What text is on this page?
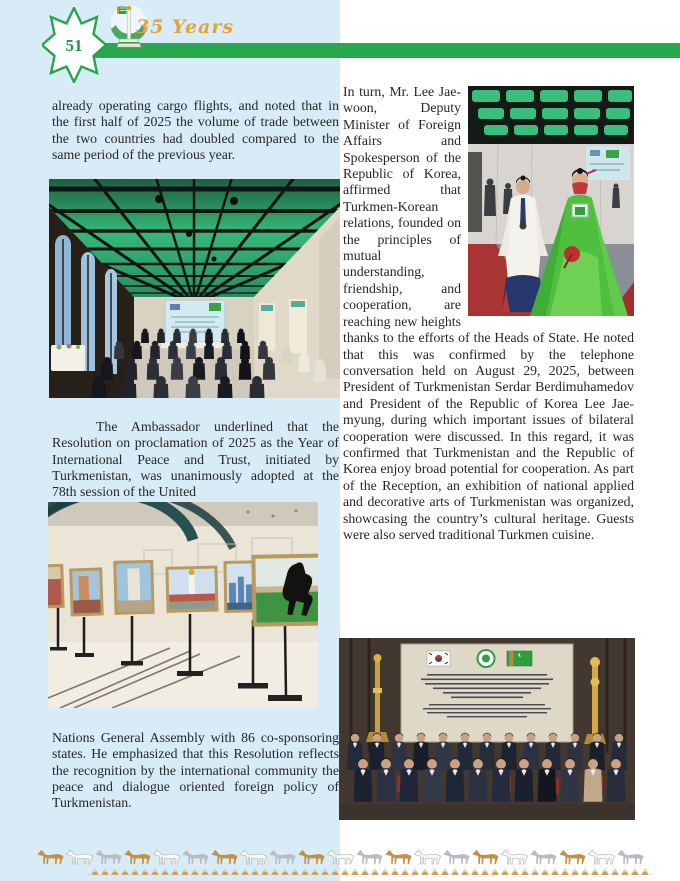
51
35 Years

already operating cargo flights, and noted that in the first half of 2025 the volume of trade between the two countries had doubled compared to the same period of the previous year.

The Ambassador underlined that the Resolution on proclamation of 2025 as the Year of International Peace and Trust, initiated by Turkmenistan, was unanimously adopted at the 78th session of the United

Nations General Assembly with 86 co-sponsoring states. He emphasized that this Resolution reflects the recognition by the international community the peace and dialogue oriented foreign policy of Turkmenistan.

In turn, Mr. Lee Jae-woon, Deputy Minister of Foreign Affairs and Spokesperson of the Republic of Korea, affirmed that Turkmen-Korean relations, founded on the principles of mutual understanding, friendship, and cooperation, are reaching new heights thanks to the efforts of the Heads of State. He noted that this was confirmed by the telephone conversation held on August 29, 2025, between President of Turkmenistan Serdar Berdimuhamedov and President of the Republic of Korea Lee Jae-myung, during which important issues of bilateral cooperation were discussed. In this regard, it was confirmed that Turkmenistan and the Republic of Korea enjoy broad potential for cooperation. As part of the Reception, an exhibition of national applied and decorative arts of Turkmenistan was organized, showcasing the country’s cultural heritage. Guests were also served traditional Turkmen cuisine.
